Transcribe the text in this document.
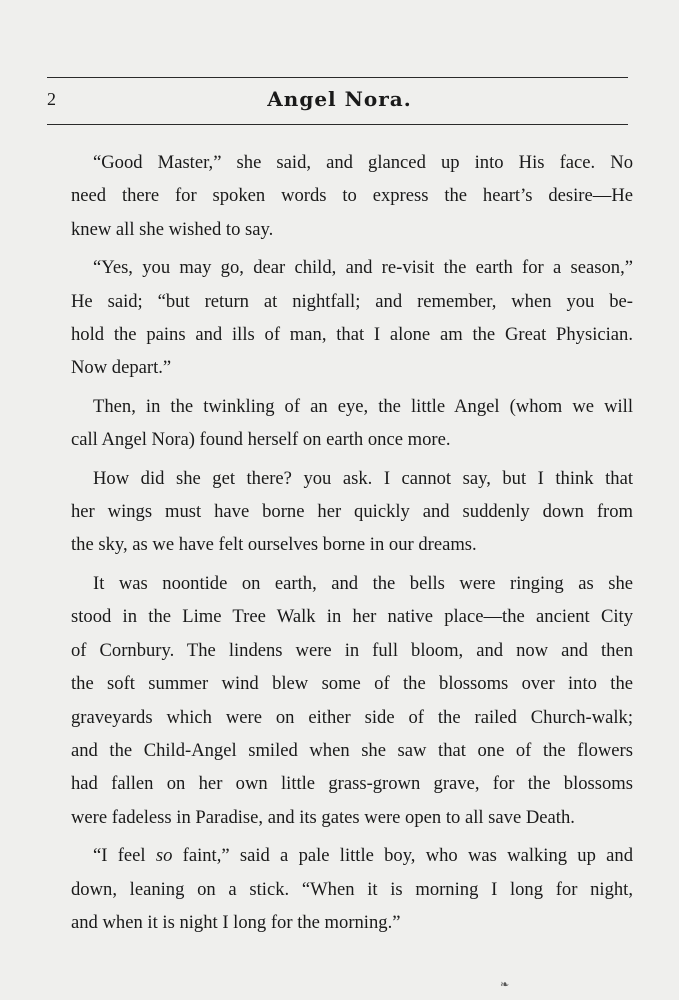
2	Angel Nora.
“Good Master,” she said, and glanced up into His face. No
need there for spoken words to express the heart’s desire—He
knew all she wished to say.
“Yes, you may go, dear child, and re-visit the earth for a season,”
He said; “but return at nightfall; and remember, when you be-
hold the pains and ills of man, that I alone am the Great Physician.
Now depart.”
Then, in the twinkling of an eye, the little Angel (whom we will
call Angel Nora) found herself on earth once more.
How did she get there? you ask. I cannot say, but I think that
her wings must have borne her quickly and suddenly down from
the sky, as we have felt ourselves borne in our dreams.
It was noontide on earth, and the bells were ringing as she
stood in the Lime Tree Walk in her native place—the ancient City
of Cornbury. The lindens were in full bloom, and now and then
the soft summer wind blew some of the blossoms over into the
graveyards which were on either side of the railed Church-walk;
and the Child-Angel smiled when she saw that one of the flowers
had fallen on her own little grass-grown grave, for the blossoms
were fadeless in Paradise, and its gates were open to all save Death.
“I feel so faint,” said a pale little boy, who was walking up and
down, leaning on a stick. “When it is morning I long for night,
and when it is night I long for the morning.”
❧
